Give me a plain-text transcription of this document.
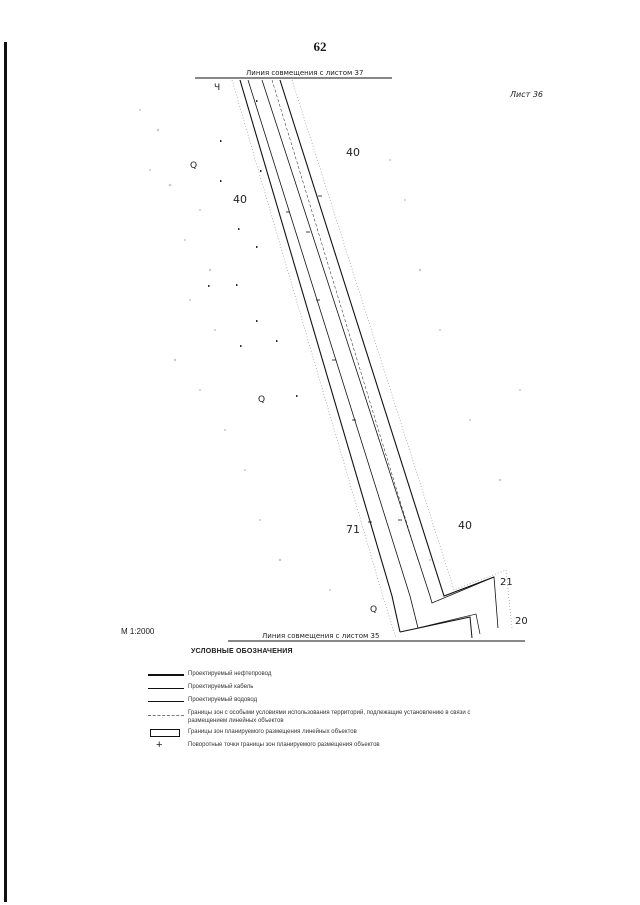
62
40
40
71	40
21
20
Линия совмещения с листом 37
Линия совмещения с листом 35
Лист 36
Q
Q
Q
Ч
М 1:2000
УСЛОВНЫЕ ОБОЗНАЧЕНИЯ
Проектируемый нефтепровод
Проектируемый кабель
Проектируемый водовод
Границы зон с особыми условиями использования территорий, подлежащие установлению в связи с размещением линейных объектов
Границы зон планируемого размещения линейных объектов
+	Поворотные точки границы зон планируемого размещения объектов
